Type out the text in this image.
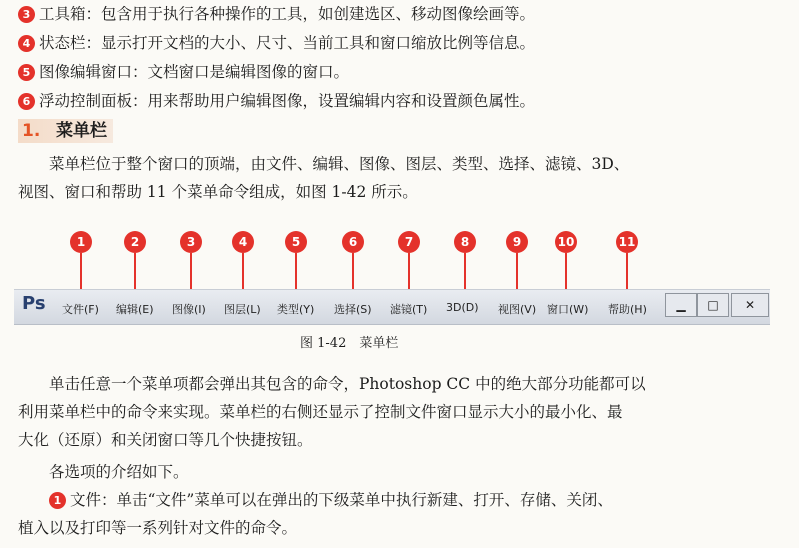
3 工具箱：包含用于执行各种操作的工具，如创建选区、移动图像绘画等。
4 状态栏：显示打开文档的大小、尺寸、当前工具和窗口缩放比例等信息。
5 图像编辑窗口：文档窗口是编辑图像的窗口。
6 浮动控制面板：用来帮助用户编辑图像，设置编辑内容和设置颜色属性。
1. 菜单栏
菜单栏位于整个窗口的顶端，由文件、编辑、图像、图层、类型、选择、滤镜、3D、
视图、窗口和帮助 11 个菜单命令组成，如图 1-42 所示。
1	2	3	4	5	6	7	8	9	10	11
Ps 文件(F) 编辑(E) 图像(I) 图层(L) 类型(Y) 选择(S) 滤镜(T) 3D(D) 视图(V) 窗口(W) 帮助(H)	▁	□	✕
图 1-42　菜单栏
单击任意一个菜单项都会弹出其包含的命令，Photoshop CC 中的绝大部分功能都可以
利用菜单栏中的命令来实现。菜单栏的右侧还显示了控制文件窗口显示大小的最小化、最
大化（还原）和关闭窗口等几个快捷按钮。
各选项的介绍如下。
1 文件：单击“文件”菜单可以在弹出的下级菜单中执行新建、打开、存储、关闭、
植入以及打印等一系列针对文件的命令。
